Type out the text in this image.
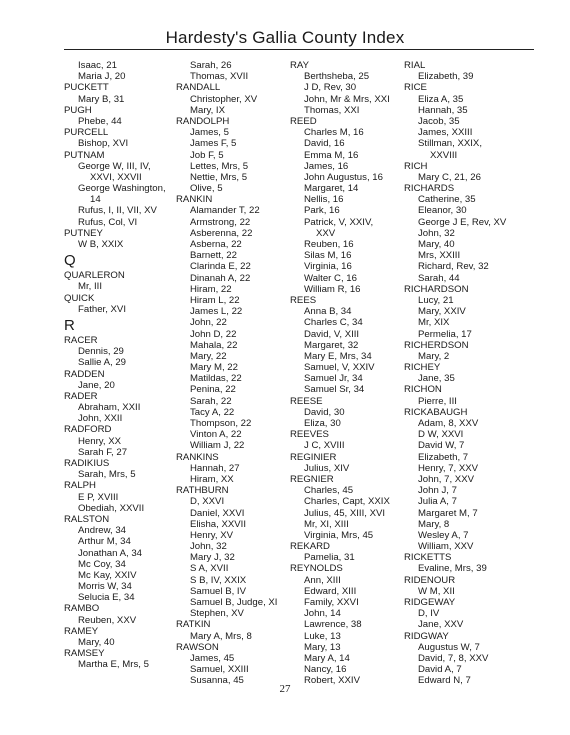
Hardesty's Gallia County Index
Isaac, 21
Maria J, 20
PUCKETT
Mary B, 31
PUGH
Phebe, 44
PURCELL
Bishop, XVI
PUTNAM
George W, III, IV,
XXVI, XXVII
George Washington,
14
Rufus, I, II, VII, XV
Rufus, Col, VI
PUTNEY
W B, XXIX
Q
QUARLERON
Mr, III
QUICK
Father, XVI
R
RACER
Dennis, 29
Sallie A, 29
RADDEN
Jane, 20
RADER
Abraham, XXII
John, XXII
RADFORD
Henry, XX
Sarah F, 27
RADIKIUS
Sarah, Mrs, 5
RALPH
E P, XVIII
Obediah, XXVII
RALSTON
Andrew, 34
Arthur M, 34
Jonathan A, 34
Mc Coy, 34
Mc Kay, XXIV
Morris W, 34
Selucia E, 34
RAMBO
Reuben, XXV
RAMEY
Mary, 40
RAMSEY
Martha E, Mrs, 5
Sarah, 26
Thomas, XVII
RANDALL
Christopher, XV
Mary, IX
RANDOLPH
James, 5
James F, 5
Job F, 5
Lettes, Mrs, 5
Nettie, Mrs, 5
Olive, 5
RANKIN
Alamander T, 22
Armstrong, 22
Asberenna, 22
Asberna, 22
Barnett, 22
Clarinda E, 22
Dinanah A, 22
Hiram, 22
Hiram L, 22
James L, 22
John, 22
John D, 22
Mahala, 22
Mary, 22
Mary M, 22
Matildas, 22
Penina, 22
Sarah, 22
Tacy A, 22
Thompson, 22
Vinton A, 22
William J, 22
RANKINS
Hannah, 27
Hiram, XX
RATHBURN
D, XXVI
Daniel, XXVI
Elisha, XXVII
Henry, XV
John, 32
Mary J, 32
S A, XVII
S B, IV, XXIX
Samuel B, IV
Samuel B, Judge, XI
Stephen, XV
RATKIN
Mary A, Mrs, 8
RAWSON
James, 45
Samuel, XXIII
Susanna, 45
RAY
Berthsheba, 25
J D, Rev, 30
John, Mr & Mrs, XXI
Thomas, XXI
REED
Charles M, 16
David, 16
Emma M, 16
James, 16
John Augustus, 16
Margaret, 14
Nellis, 16
Park, 16
Patrick, V, XXIV,
XXV
Reuben, 16
Silas M, 16
Virginia, 16
Walter C, 16
William R, 16
REES
Anna B, 34
Charles C, 34
David, V, XIII
Margaret, 32
Mary E, Mrs, 34
Samuel, V, XXIV
Samuel Jr, 34
Samuel Sr, 34
REESE
David, 30
Eliza, 30
REEVES
J C, XVIII
REGINIER
Julius, XIV
REGNIER
Charles, 45
Charles, Capt, XXIX
Julius, 45, XIII, XVI
Mr, XI, XIII
Virginia, Mrs, 45
REKARD
Pamelia, 31
REYNOLDS
Ann, XIII
Edward, XIII
Family, XXVI
John, 14
Lawrence, 38
Luke, 13
Mary, 13
Mary A, 14
Nancy, 16
Robert, XXIV
RIAL
Elizabeth, 39
RICE
Eliza A, 35
Hannah, 35
Jacob, 35
James, XXIII
Stillman, XXIX,
XXVIII
RICH
Mary C, 21, 26
RICHARDS
Catherine, 35
Eleanor, 30
George J E, Rev, XV
John, 32
Mary, 40
Mrs, XXIII
Richard, Rev, 32
Sarah, 44
RICHARDSON
Lucy, 21
Mary, XXIV
Mr, XIX
Permelia, 17
RICHERDSON
Mary, 2
RICHEY
Jane, 35
RICHON
Pierre, III
RICKABAUGH
Adam, 8, XXV
D W, XXVI
David W, 7
Elizabeth, 7
Henry, 7, XXV
John, 7, XXV
John J, 7
Julia A, 7
Margaret M, 7
Mary, 8
Wesley A, 7
William, XXV
RICKETTS
Evaline, Mrs, 39
RIDENOUR
W M, XII
RIDGEWAY
D, IV
Jane, XXV
RIDGWAY
Augustus W, 7
David, 7, 8, XXV
David A, 7
Edward N, 7
27
